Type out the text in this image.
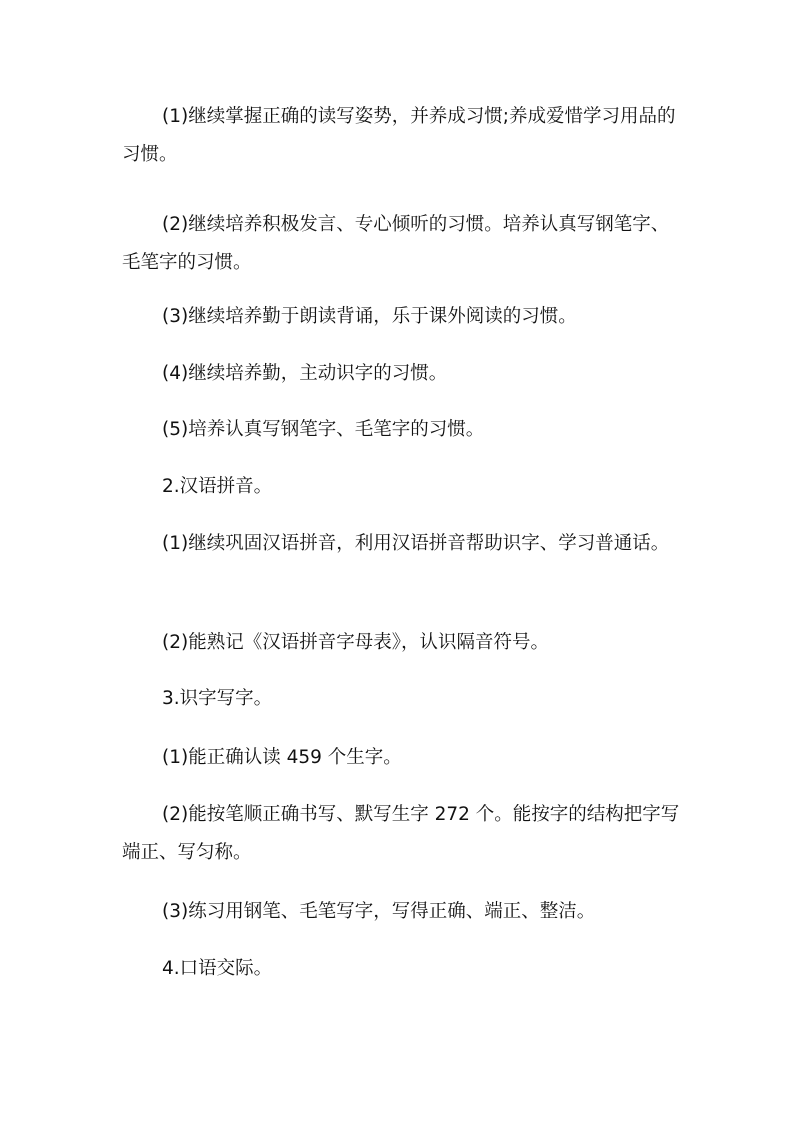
(1)继续掌握正确的读写姿势，并养成习惯;养成爱惜学习用品的习惯。

(2)继续培养积极发言、专心倾听的习惯。培养认真写钢笔字、毛笔字的习惯。

(3)继续培养勤于朗读背诵，乐于课外阅读的习惯。

(4)继续培养勤，主动识字的习惯。

(5)培养认真写钢笔字、毛笔字的习惯。

2.汉语拼音。

(1)继续巩固汉语拼音，利用汉语拼音帮助识字、学习普通话。

(2)能熟记《汉语拼音字母表》，认识隔音符号。

3.识字写字。

(1)能正确认读 459 个生字。

(2)能按笔顺正确书写、默写生字 272 个。能按字的结构把字写端正、写匀称。

(3)练习用钢笔、毛笔写字，写得正确、端正、整洁。

4.口语交际。
